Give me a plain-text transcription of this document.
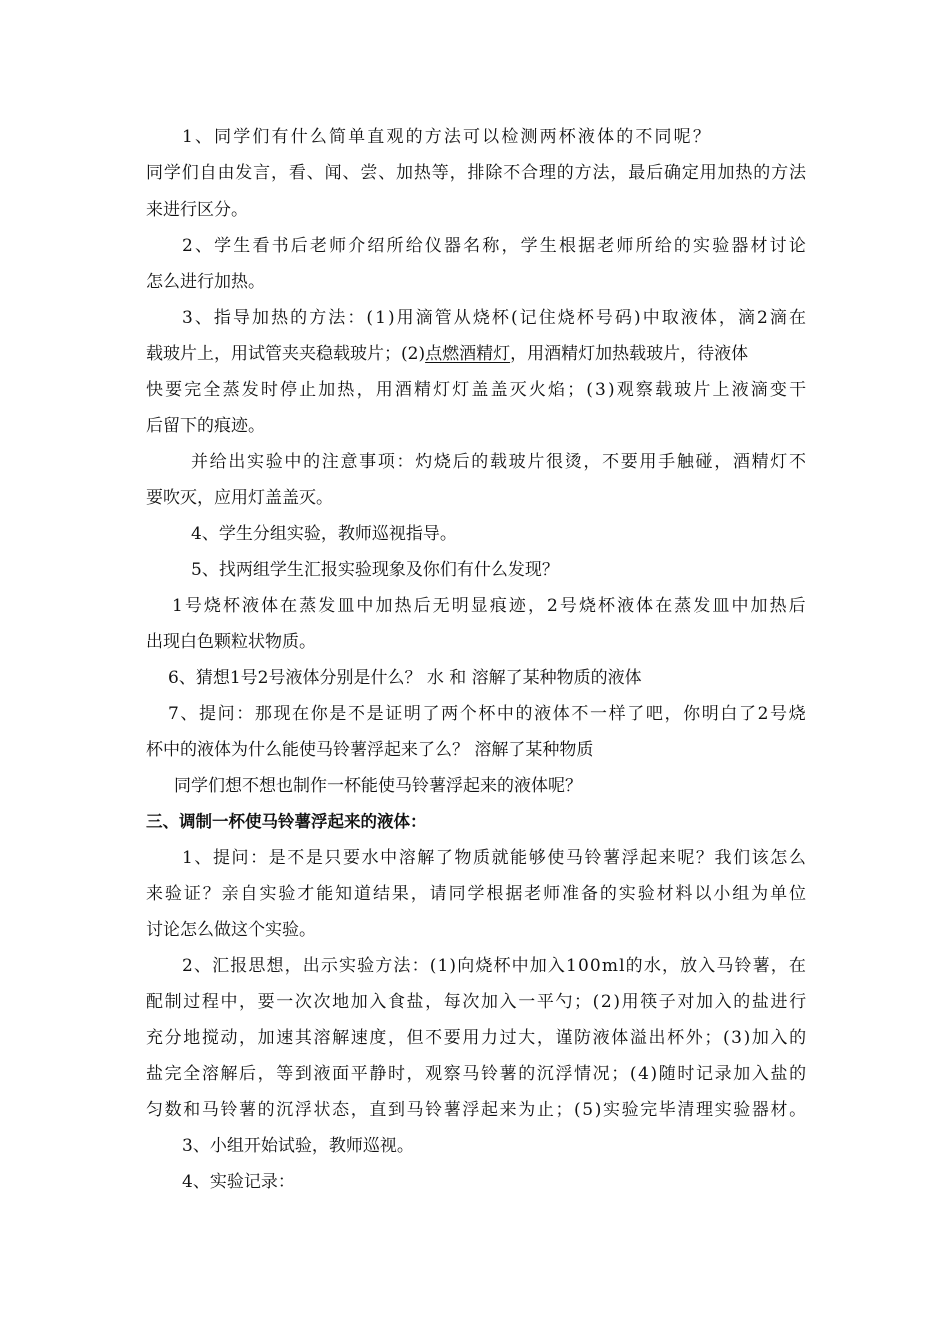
1、同学们有什么简单直观的方法可以检测两杯液体的不同呢？
同学们自由发言，看、闻、尝、加热等，排除不合理的方法，最后确定用加热的方法
来进行区分。
2、学生看书后老师介绍所给仪器名称，学生根据老师所给的实验器材讨论
怎么进行加热。
3、指导加热的方法：(1)用滴管从烧杯(记住烧杯号码)中取液体，滴2滴在
载玻片上，用试管夹夹稳载玻片；(2)点燃酒精灯，用酒精灯加热载玻片，待液体
快要完全蒸发时停止加热，用酒精灯灯盖盖灭火焰；(3)观察载玻片上液滴变干
后留下的痕迹。
并给出实验中的注意事项：灼烧后的载玻片很烫，不要用手触碰，酒精灯不
要吹灭，应用灯盖盖灭。
4、学生分组实验，教师巡视指导。
5、找两组学生汇报实验现象及你们有什么发现？
1号烧杯液体在蒸发皿中加热后无明显痕迹，2号烧杯液体在蒸发皿中加热后
出现白色颗粒状物质。
6、猜想1号2号液体分别是什么？ 水 和 溶解了某种物质的液体
7、提问：那现在你是不是证明了两个杯中的液体不一样了吧，你明白了2号烧
杯中的液体为什么能使马铃薯浮起来了么？ 溶解了某种物质
同学们想不想也制作一杯能使马铃薯浮起来的液体呢？
三、调制一杯使马铃薯浮起来的液体：
1、提问：是不是只要水中溶解了物质就能够使马铃薯浮起来呢？我们该怎么
来验证？亲自实验才能知道结果，请同学根据老师准备的实验材料以小组为单位
讨论怎么做这个实验。
2、汇报思想，出示实验方法：(1)向烧杯中加入100ml的水，放入马铃薯，在
配制过程中，要一次次地加入食盐，每次加入一平勺；(2)用筷子对加入的盐进行
充分地搅动，加速其溶解速度，但不要用力过大，谨防液体溢出杯外；(3)加入的
盐完全溶解后，等到液面平静时，观察马铃薯的沉浮情况；(4)随时记录加入盐的
匀数和马铃薯的沉浮状态，直到马铃薯浮起来为止；(5)实验完毕清理实验器材。
3、小组开始试验，教师巡视。
4、实验记录：
